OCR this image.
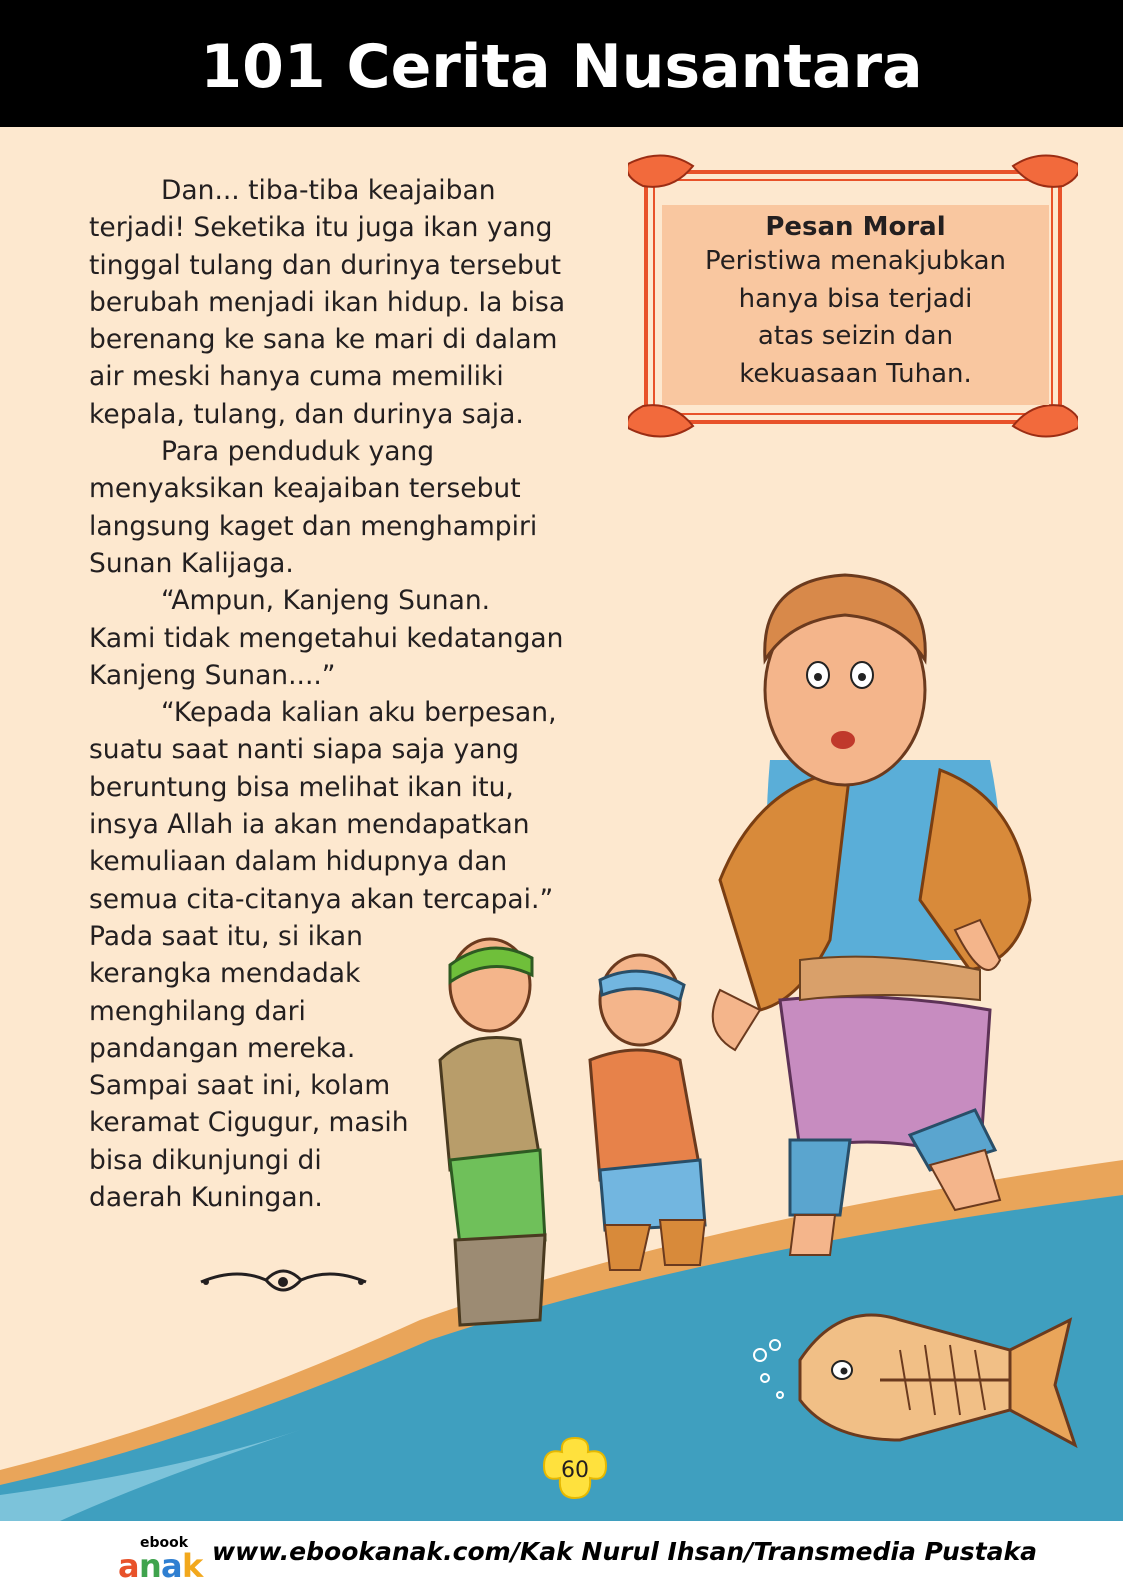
101 Cerita Nusantara

Dan... tiba-tiba keajaiban

terjadi! Seketika itu juga ikan yang

tinggal tulang dan durinya tersebut

berubah menjadi ikan hidup. Ia bisa

berenang ke sana ke mari di dalam

air meski hanya cuma memiliki

kepala, tulang, dan durinya saja.

Para penduduk yang

menyaksikan keajaiban tersebut

langsung kaget dan menghampiri

Sunan Kalijaga.

“Ampun, Kanjeng Sunan.

Kami tidak mengetahui kedatangan

Kanjeng Sunan....”

“Kepada kalian aku berpesan,

suatu saat nanti siapa saja yang

beruntung bisa melihat ikan itu,

insya Allah ia akan mendapatkan

kemuliaan dalam hidupnya dan

semua cita-citanya akan tercapai.”

Pada saat itu, si ikan

kerangka mendadak

menghilang dari

pandangan mereka.

Sampai saat ini, kolam

keramat Cigugur, masih

bisa dikunjungi di

daerah Kuningan.

Pesan Moral
Peristiwa menakjubkan
hanya bisa terjadi
atas seizin dan
kekuasaan Tuhan.
60
ebook
a n a k www.ebookanak.com/Kak Nurul Ihsan/Transmedia Pustaka
